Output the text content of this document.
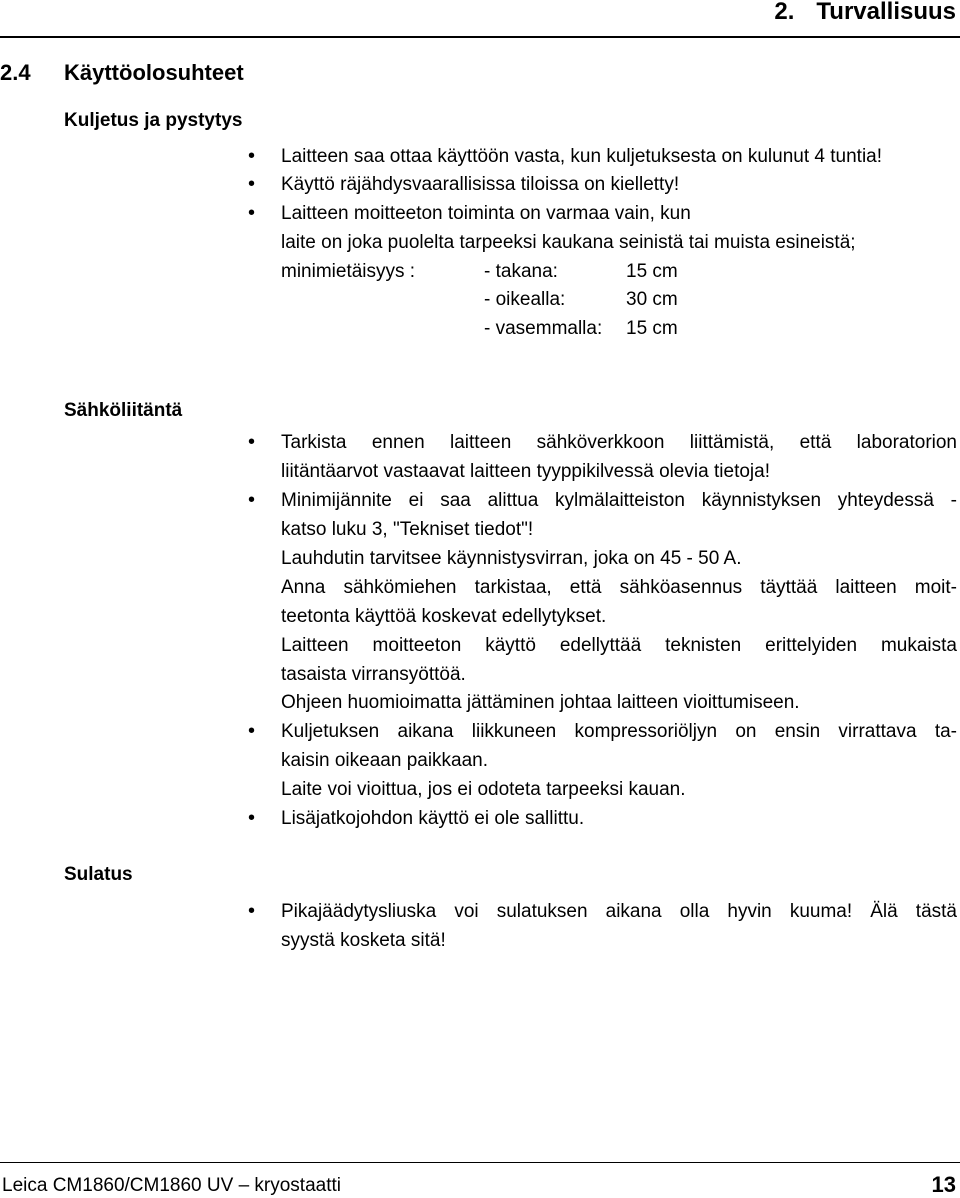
2. Turvallisuus
2.4 Käyttöolosuhteet
Kuljetus ja pystytys
• Laitteen saa ottaa käyttöön vasta, kun kuljetuksesta on kulunut 4 tuntia!
• Käyttö räjähdysvaarallisissa tiloissa on kielletty!
• Laitteen moitteeton toiminta on varmaa vain, kun
laite on joka puolelta tarpeeksi kaukana seinistä tai muista esineistä;
minimietäisyys :	- takana:	15 cm
- oikealla:	30 cm
- vasemmalla: 15 cm
Sähköliitäntä
• Tarkista ennen laitteen sähköverkkoon liittämistä, että laboratorion
liitäntäarvot vastaavat laitteen tyyppikilvessä olevia tietoja!
• Minimijännite ei saa alittua kylmälaitteiston käynnistyksen yhteydessä -
katso luku 3, "Tekniset tiedot"!
Lauhdutin tarvitsee käynnistysvirran, joka on 45 - 50 A.
Anna sähkömiehen tarkistaa, että sähköasennus täyttää laitteen moit-
teetonta käyttöä koskevat edellytykset.
Laitteen moitteeton käyttö edellyttää teknisten erittelyiden mukaista
tasaista virransyöttöä.
Ohjeen huomioimatta jättäminen johtaa laitteen vioittumiseen.
• Kuljetuksen aikana liikkuneen kompressoriöljyn on ensin virrattava ta-
kaisin oikeaan paikkaan.
Laite voi vioittua, jos ei odoteta tarpeeksi kauan.
• Lisäjatkojohdon käyttö ei ole sallittu.
Sulatus
• Pikajäädytysliuska voi sulatuksen aikana olla hyvin kuuma! Älä tästä
syystä kosketa sitä!
Leica CM1860/CM1860 UV – kryostaatti	13
